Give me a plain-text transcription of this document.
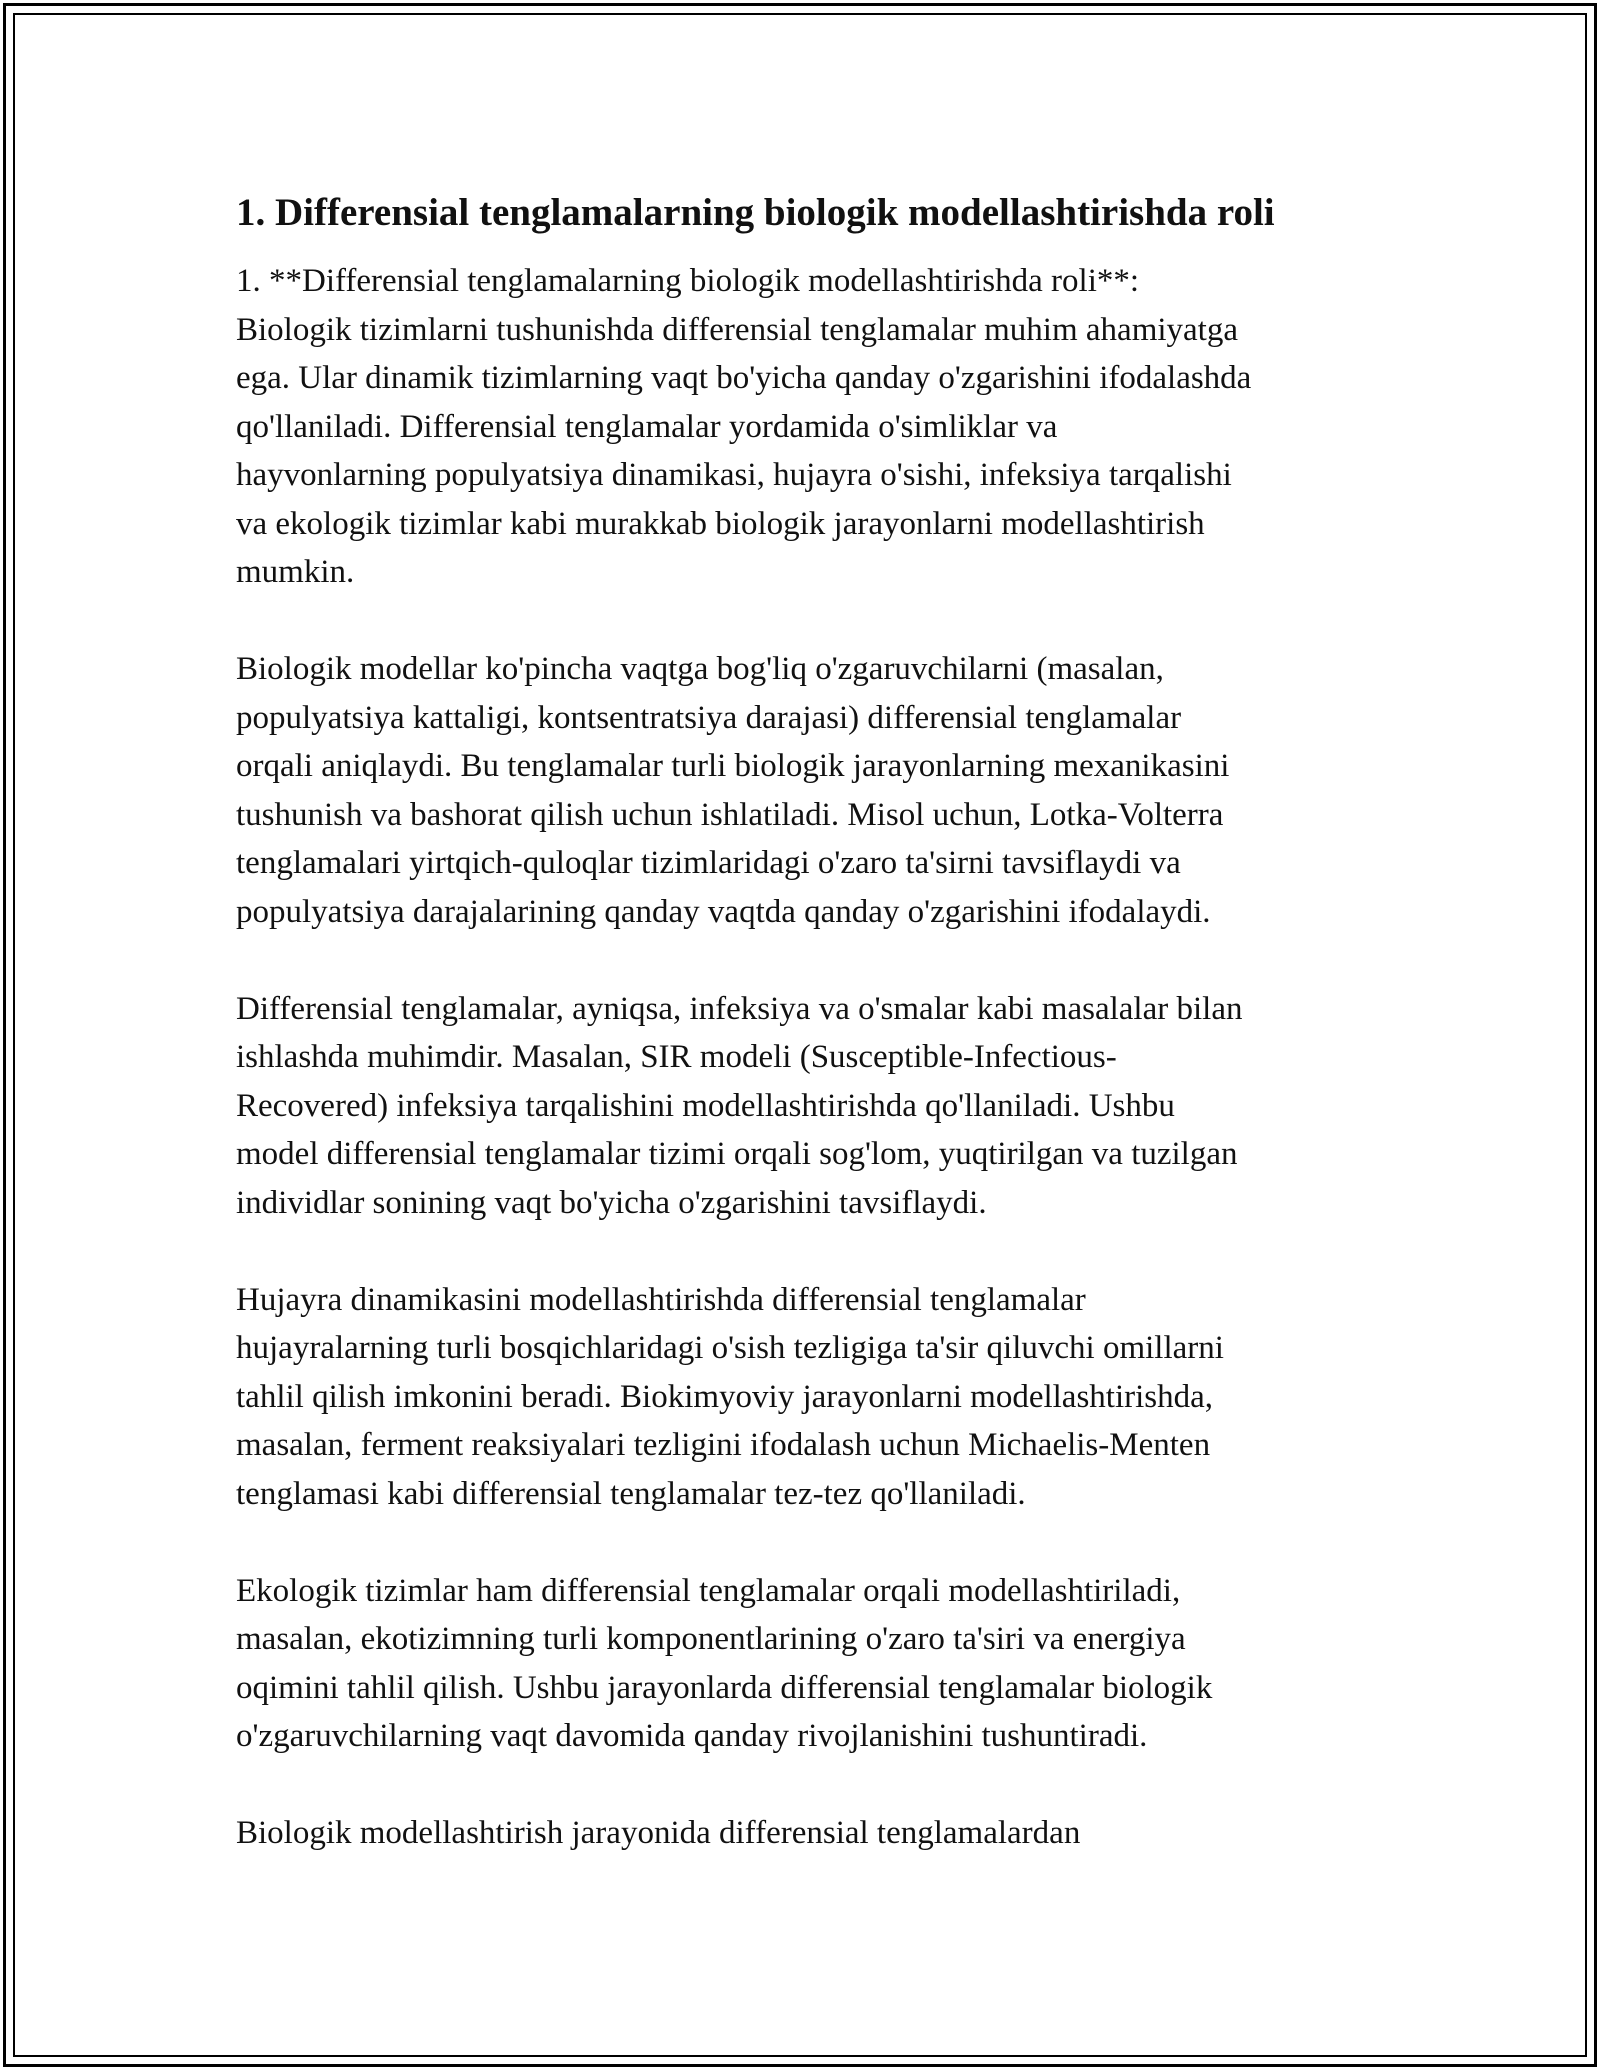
1. Differensial tenglamalarning biologik modellashtirishda roli

1. **Differensial tenglamalarning biologik modellashtirishda roli**:
Biologik tizimlarni tushunishda differensial tenglamalar muhim ahamiyatga
ega. Ular dinamik tizimlarning vaqt bo'yicha qanday o'zgarishini ifodalashda
qo'llaniladi. Differensial tenglamalar yordamida o'simliklar va
hayvonlarning populyatsiya dinamikasi, hujayra o'sishi, infeksiya tarqalishi
va ekologik tizimlar kabi murakkab biologik jarayonlarni modellashtirish
mumkin.

Biologik modellar ko'pincha vaqtga bog'liq o'zgaruvchilarni (masalan,
populyatsiya kattaligi, kontsentratsiya darajasi) differensial tenglamalar
orqali aniqlaydi. Bu tenglamalar turli biologik jarayonlarning mexanikasini
tushunish va bashorat qilish uchun ishlatiladi. Misol uchun, Lotka-Volterra
tenglamalari yirtqich-quloqlar tizimlaridagi o'zaro ta'sirni tavsiflaydi va
populyatsiya darajalarining qanday vaqtda qanday o'zgarishini ifodalaydi.

Differensial tenglamalar, ayniqsa, infeksiya va o'smalar kabi masalalar bilan
ishlashda muhimdir. Masalan, SIR modeli (Susceptible-Infectious-
Recovered) infeksiya tarqalishini modellashtirishda qo'llaniladi. Ushbu
model differensial tenglamalar tizimi orqali sog'lom, yuqtirilgan va tuzilgan
individlar sonining vaqt bo'yicha o'zgarishini tavsiflaydi.

Hujayra dinamikasini modellashtirishda differensial tenglamalar
hujayralarning turli bosqichlaridagi o'sish tezligiga ta'sir qiluvchi omillarni
tahlil qilish imkonini beradi. Biokimyoviy jarayonlarni modellashtirishda,
masalan, ferment reaksiyalari tezligini ifodalash uchun Michaelis-Menten
tenglamasi kabi differensial tenglamalar tez-tez qo'llaniladi.

Ekologik tizimlar ham differensial tenglamalar orqali modellashtiriladi,
masalan, ekotizimning turli komponentlarining o'zaro ta'siri va energiya
oqimini tahlil qilish. Ushbu jarayonlarda differensial tenglamalar biologik
o'zgaruvchilarning vaqt davomida qanday rivojlanishini tushuntiradi.

Biologik modellashtirish jarayonida differensial tenglamalardan
